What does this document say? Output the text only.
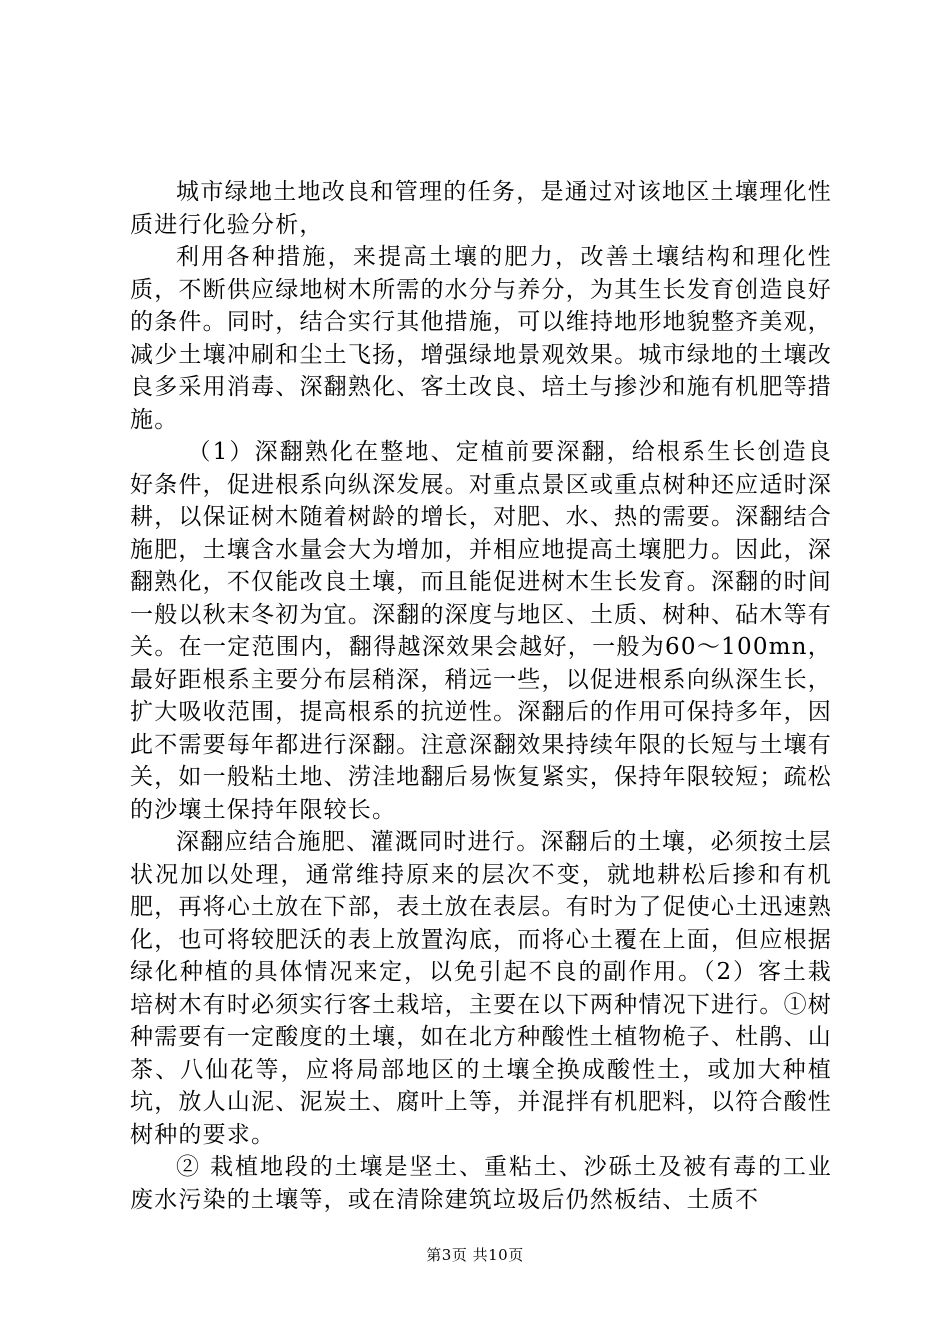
城市绿地土地改良和管理的任务，是通过对该地区土壤理化性质进行化验分析，

利用各种措施，来提高土壤的肥力，改善土壤结构和理化性质，不断供应绿地树木所需的水分与养分，为其生长发育创造良好的条件。同时，结合实行其他措施，可以维持地形地貌整齐美观，减少土壤冲刷和尘土飞扬，增强绿地景观效果。城市绿地的土壤改良多采用消毒、深翻熟化、客土改良、培土与掺沙和施有机肥等措施。

（1）深翻熟化在整地、定植前要深翻，给根系生长创造良好条件，促进根系向纵深发展。对重点景区或重点树种还应适时深耕，以保证树木随着树龄的增长，对肥、水、热的需要。深翻结合施肥，土壤含水量会大为增加，并相应地提高土壤肥力。因此，深翻熟化，不仅能改良土壤，而且能促进树木生长发育。深翻的时间一般以秋末冬初为宜。深翻的深度与地区、土质、树种、砧木等有关。在一定范围内，翻得越深效果会越好，一般为60～100mn，最好距根系主要分布层稍深，稍远一些，以促进根系向纵深生长，扩大吸收范围，提高根系的抗逆性。深翻后的作用可保持多年，因此不需要每年都进行深翻。注意深翻效果持续年限的长短与土壤有关，如一般粘土地、涝洼地翻后易恢复紧实，保持年限较短；疏松的沙壤土保持年限较长。

深翻应结合施肥、灌溉同时进行。深翻后的土壤，必须按土层状况加以处理，通常维持原来的层次不变，就地耕松后掺和有机肥，再将心土放在下部，表土放在表层。有时为了促使心土迅速熟化，也可将较肥沃的表上放置沟底，而将心土覆在上面，但应根据绿化种植的具体情况来定，以免引起不良的副作用。（2）客土栽培树木有时必须实行客土栽培，主要在以下两种情况下进行。①树种需要有一定酸度的土壤，如在北方种酸性土植物桅子、杜鹃、山茶、八仙花等，应将局部地区的土壤全换成酸性土，或加大种植坑，放人山泥、泥炭土、腐叶上等，并混拌有机肥料，以符合酸性树种的要求。

② 栽植地段的土壤是坚土、重粘土、沙砾土及被有毒的工业废水污染的土壤等，或在清除建筑垃圾后仍然板结、土质不

第3页 共10页
